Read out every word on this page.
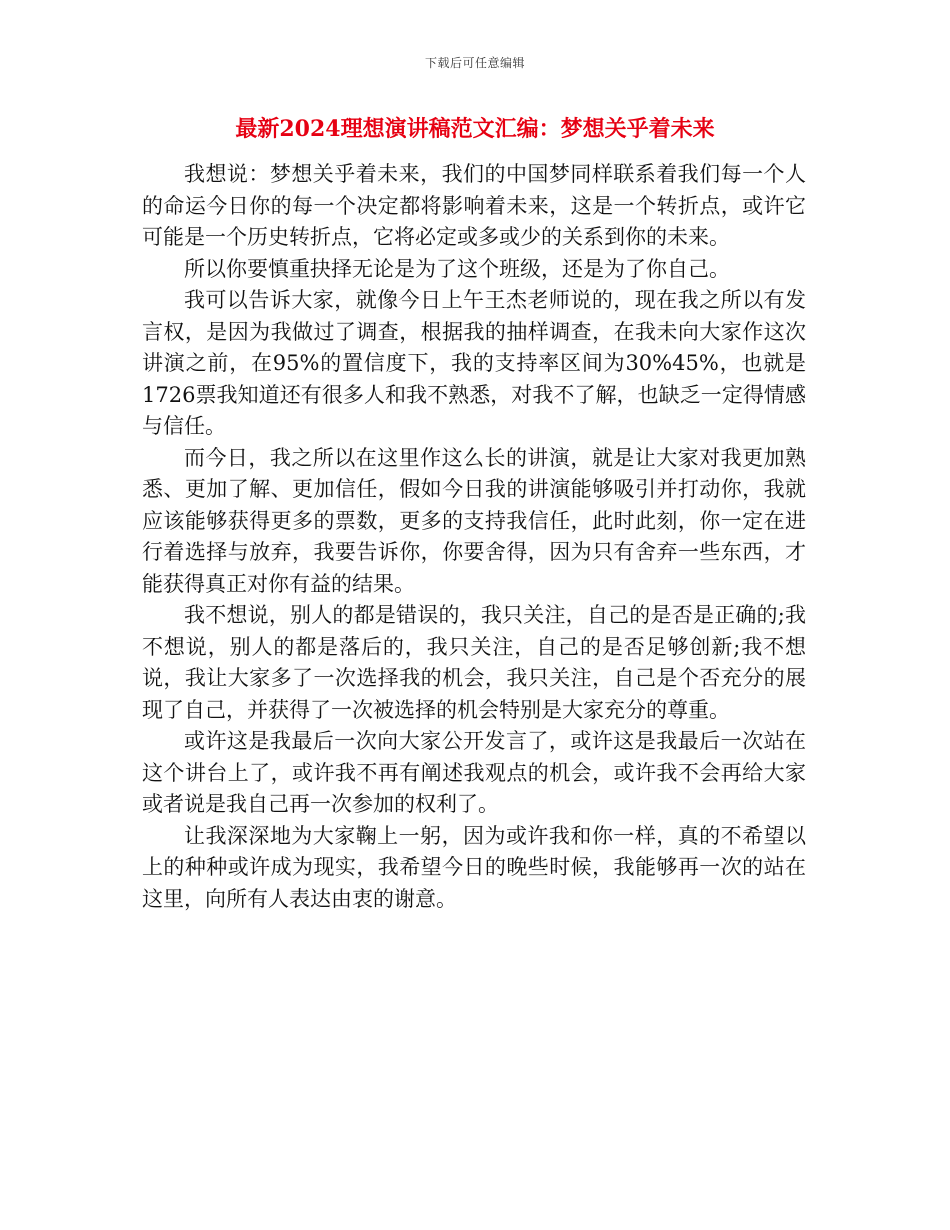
下载后可任意编辑
最新2024理想演讲稿范文汇编：梦想关乎着未来

我想说：梦想关乎着未来，我们的中国梦同样联系着我们每一个人的命运今日你的每一个决定都将影响着未来，这是一个转折点，或许它可能是一个历史转折点，它将必定或多或少的关系到你的未来。

所以你要慎重抉择无论是为了这个班级，还是为了你自己。

我可以告诉大家，就像今日上午王杰老师说的，现在我之所以有发言权，是因为我做过了调查，根据我的抽样调查，在我未向大家作这次讲演之前，在95%的置信度下，我的支持率区间为30%45%，也就是1726票我知道还有很多人和我不熟悉，对我不了解，也缺乏一定得情感与信任。

而今日，我之所以在这里作这么长的讲演，就是让大家对我更加熟悉、更加了解、更加信任，假如今日我的讲演能够吸引并打动你，我就应该能够获得更多的票数，更多的支持我信任，此时此刻，你一定在进行着选择与放弃，我要告诉你，你要舍得，因为只有舍弃一些东西，才能获得真正对你有益的结果。

我不想说，别人的都是错误的，我只关注，自己的是否是正确的;我不想说，别人的都是落后的，我只关注，自己的是否足够创新;我不想说，我让大家多了一次选择我的机会，我只关注，自己是个否充分的展现了自己，并获得了一次被选择的机会特别是大家充分的尊重。

或许这是我最后一次向大家公开发言了，或许这是我最后一次站在这个讲台上了，或许我不再有阐述我观点的机会，或许我不会再给大家或者说是我自己再一次参加的权利了。

让我深深地为大家鞠上一躬，因为或许我和你一样，真的不希望以上的种种或许成为现实，我希望今日的晚些时候，我能够再一次的站在这里，向所有人表达由衷的谢意。
